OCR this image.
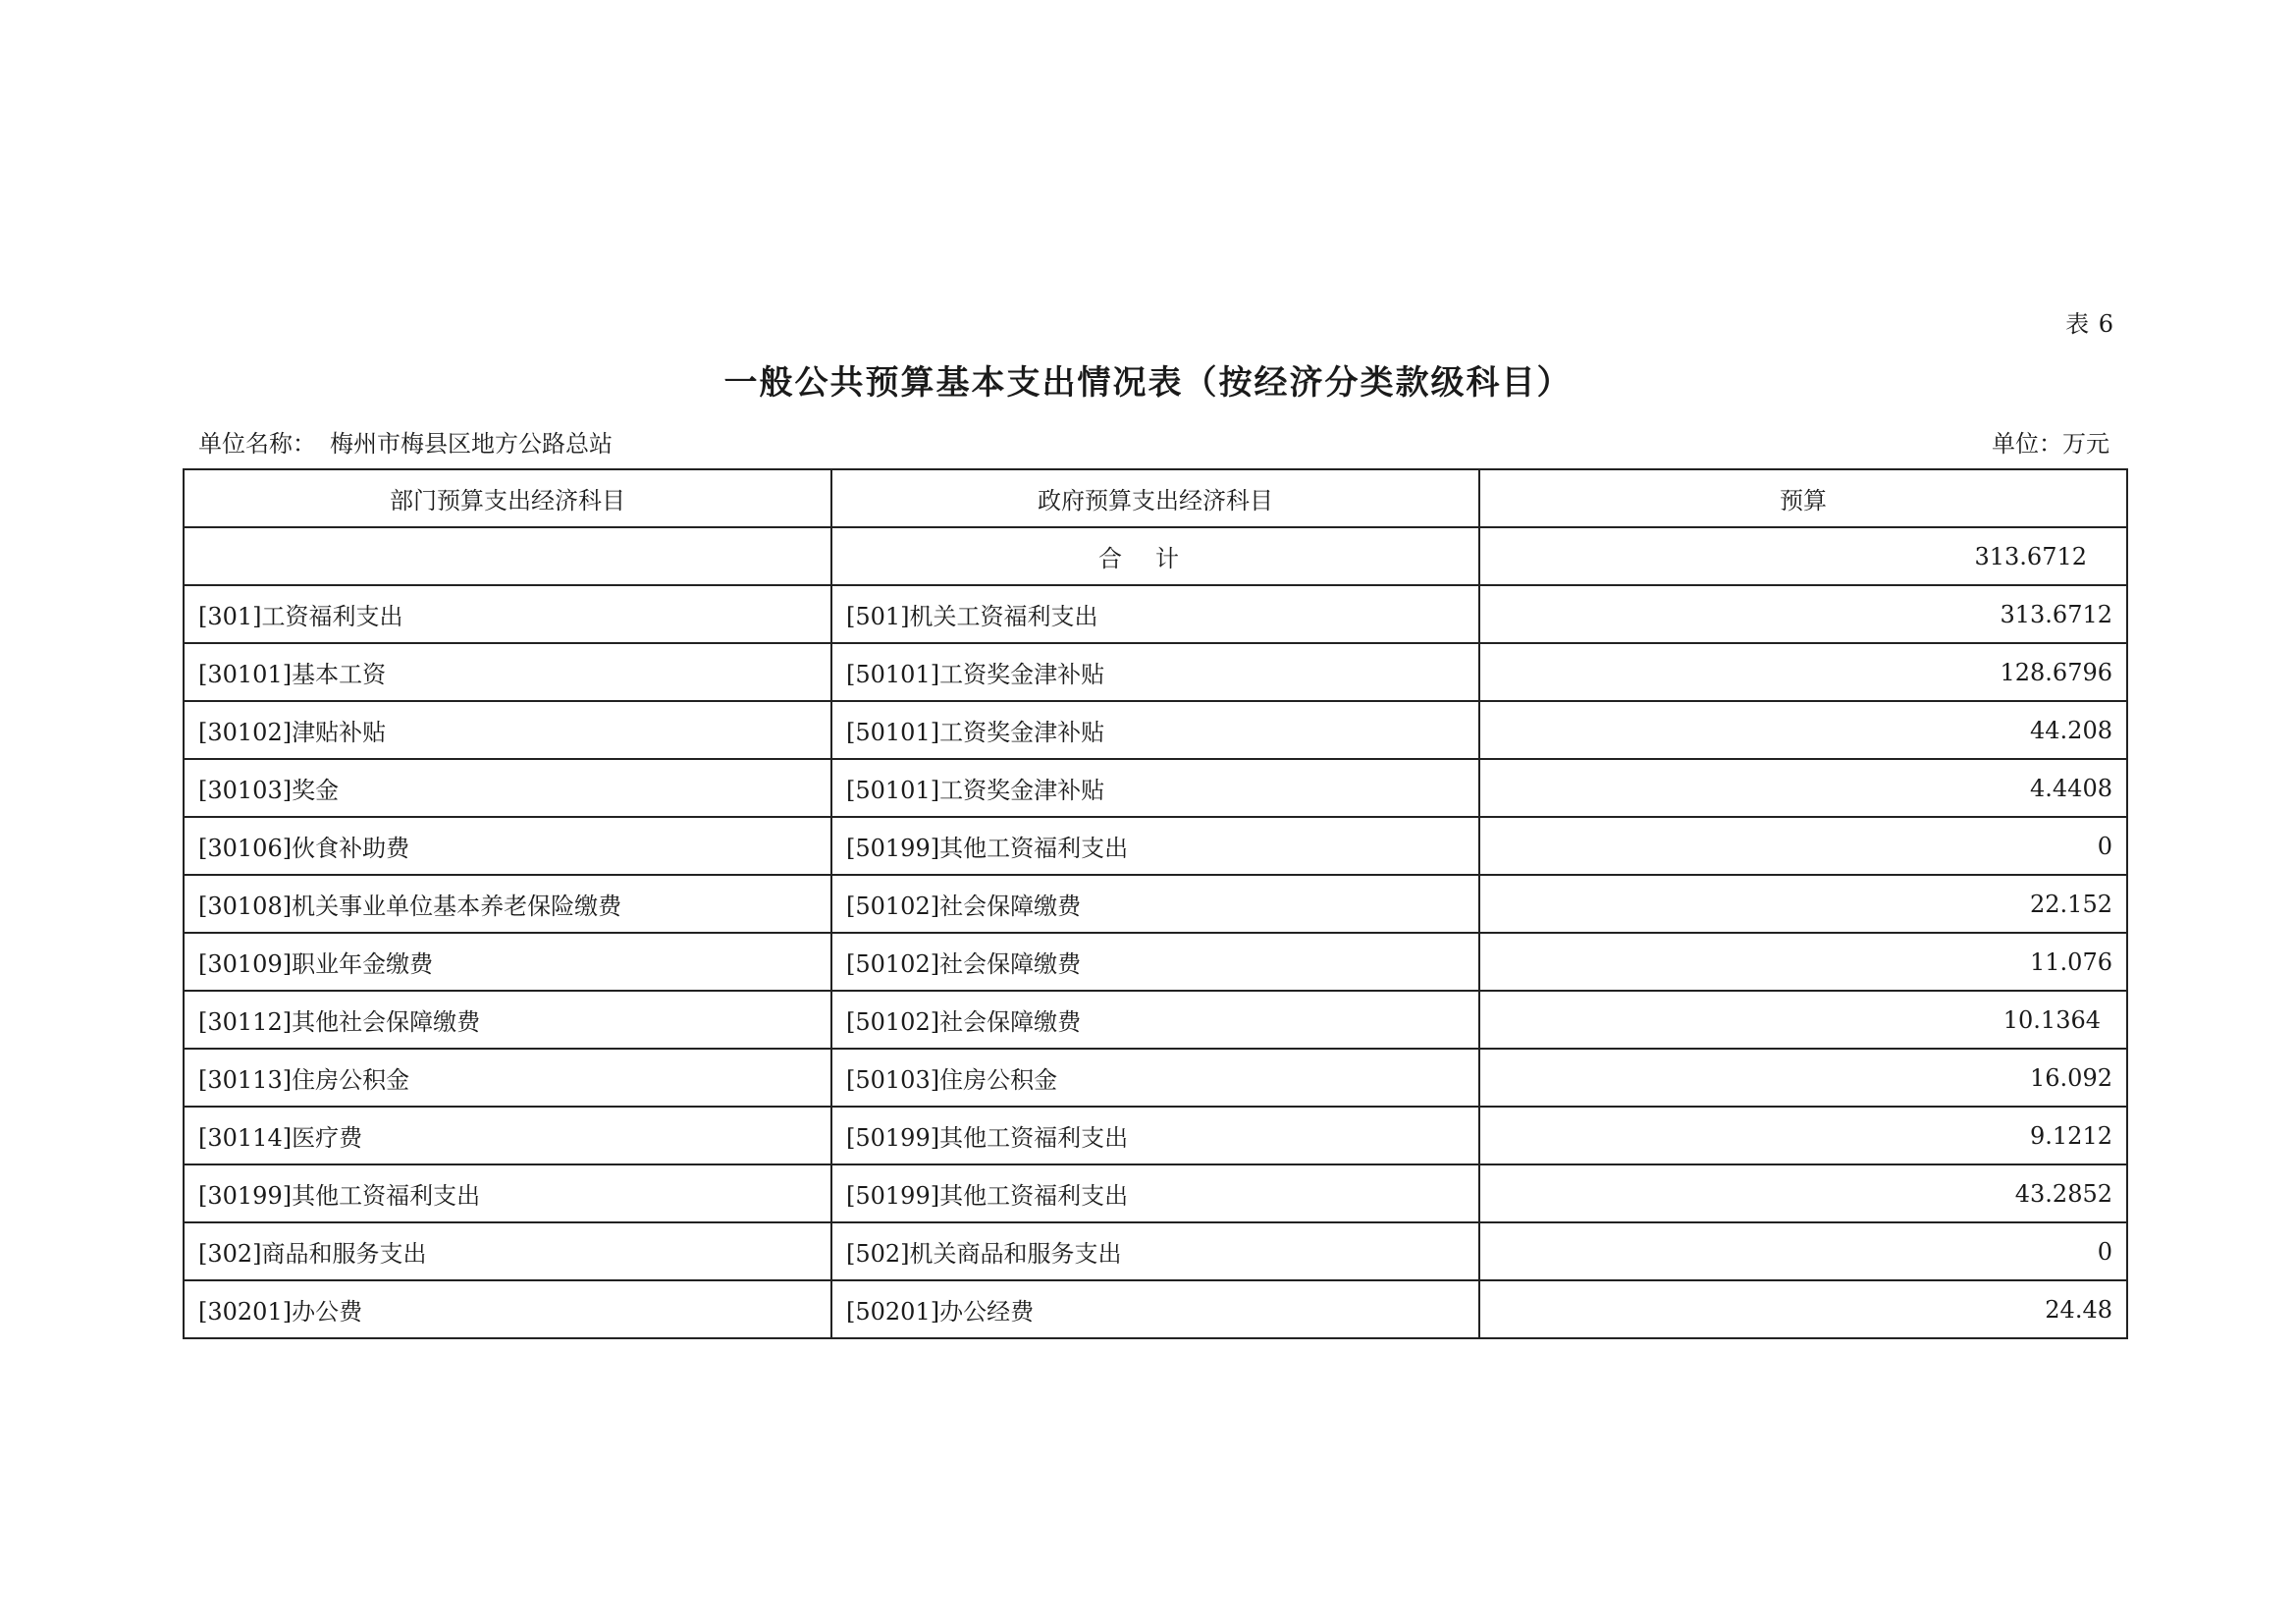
表 6
一般公共预算基本支出情况表（按经济分类款级科目）
单位名称： 梅州市梅县区地方公路总站	单位：万元
部门预算支出经济科目	政府预算支出经济科目	预算
	合计	313.6712
[301]工资福利支出	[501]机关工资福利支出	313.6712
[30101]基本工资	[50101]工资奖金津补贴	128.6796
[30102]津贴补贴	[50101]工资奖金津补贴	44.208
[30103]奖金	[50101]工资奖金津补贴	4.4408
[30106]伙食补助费	[50199]其他工资福利支出	0
[30108]机关事业单位基本养老保险缴费	[50102]社会保障缴费	22.152
[30109]职业年金缴费	[50102]社会保障缴费	11.076
[30112]其他社会保障缴费	[50102]社会保障缴费	10.1364
[30113]住房公积金	[50103]住房公积金	16.092
[30114]医疗费	[50199]其他工资福利支出	9.1212
[30199]其他工资福利支出	[50199]其他工资福利支出	43.2852
[302]商品和服务支出	[502]机关商品和服务支出	0
[30201]办公费	[50201]办公经费	24.48
